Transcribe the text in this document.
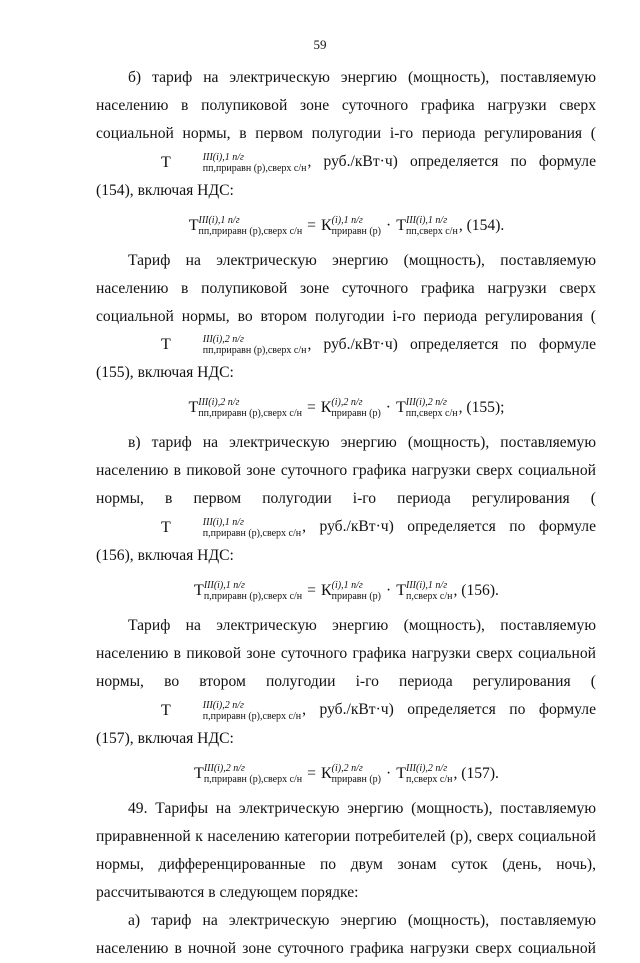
59
б) тариф на электрическую энергию (мощность), поставляемую населению в полупиковой зоне суточного графика нагрузки сверх социальной нормы, в первом полугодии i-го периода регулирования (Т	III(i),1 п/г
пп,приравн (р),сверх с/н , руб./кВт·ч) определяется по формуле (154), включая НДС:
Т III(i),1 п/г
пп,приравн (р),сверх с/н = К (i),1 п/г
приравн (р) · Т III(i),1 п/г
пп,сверх с/н , (154).
Тариф на электрическую энергию (мощность), поставляемую населению в полупиковой зоне суточного графика нагрузки сверх социальной нормы, во втором полугодии i-го периода регулирования (Т	III(i),2 п/г
пп,приравн (р),сверх с/н , руб./кВт·ч) определяется по формуле (155), включая НДС:
Т III(i),2 п/г
пп,приравн (р),сверх с/н = К (i),2 п/г
приравн (р) · Т III(i),2 п/г
пп,сверх с/н , (155);
в) тариф на электрическую энергию (мощность), поставляемую населению в пиковой зоне суточного графика нагрузки сверх социальной нормы, в первом полугодии i-го периода регулирования (Т	III(i),1 п/г
п,приравн (р),сверх с/н , руб./кВт·ч) определяется по формуле (156), включая НДС:
Т III(i),1 п/г
п,приравн (р),сверх с/н = К (i),1 п/г
приравн (р) · Т III(i),1 п/г
п,сверх с/н , (156).
Тариф на электрическую энергию (мощность), поставляемую населению в пиковой зоне суточного графика нагрузки сверх социальной нормы, во втором полугодии i-го периода регулирования (Т	III(i),2 п/г
п,приравн (р),сверх с/н , руб./кВт·ч) определяется по формуле (157), включая НДС:
Т III(i),2 п/г
п,приравн (р),сверх с/н = К (i),2 п/г
приравн (р) · Т III(i),2 п/г
п,сверх с/н , (157).
49. Тарифы на электрическую энергию (мощность), поставляемую приравненной к населению категории потребителей (р), сверх социальной нормы, дифференцированные по двум зонам суток (день, ночь), рассчитываются в следующем порядке:
а) тариф на электрическую энергию (мощность), поставляемую населению в ночной зоне суточного графика нагрузки сверх социальной
